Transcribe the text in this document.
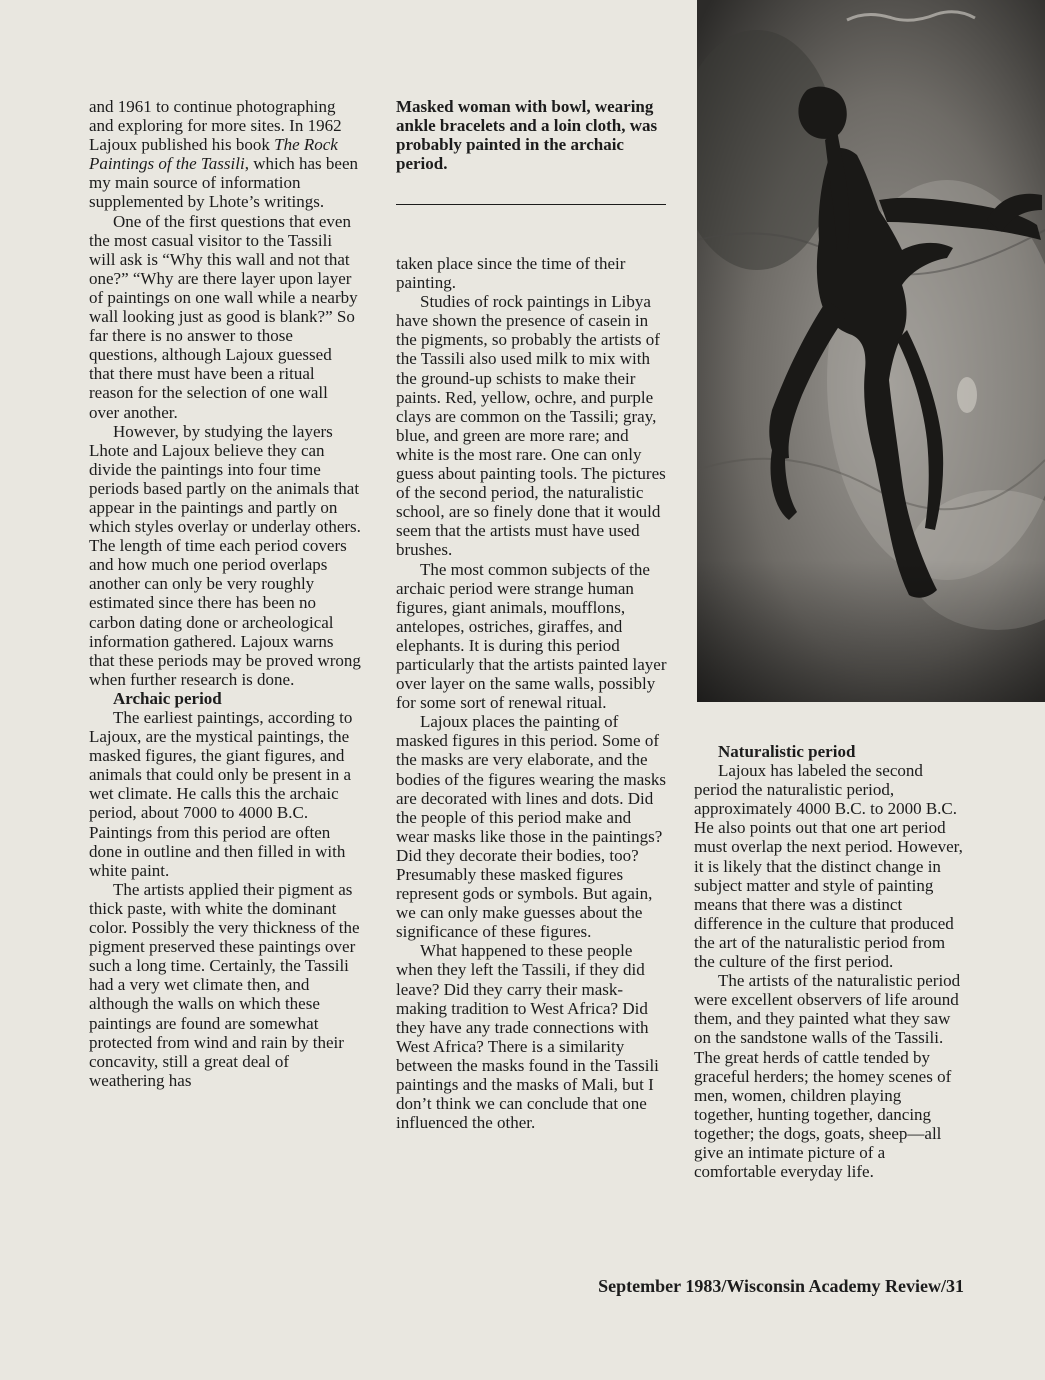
and 1961 to continue photographing and exploring for more sites. In 1962 Lajoux published his book The Rock Paintings of the Tassili, which has been my main source of information supplemented by Lhote’s writings.

One of the first questions that even the most casual visitor to the Tassili will ask is “Why this wall and not that one?” “Why are there layer upon layer of paintings on one wall while a nearby wall looking just as good is blank?” So far there is no answer to those questions, although Lajoux guessed that there must have been a ritual reason for the selection of one wall over another.

However, by studying the layers Lhote and Lajoux believe they can divide the paintings into four time periods based partly on the animals that appear in the paintings and partly on which styles overlay or underlay others. The length of time each period covers and how much one period overlaps another can only be very roughly estimated since there has been no carbon dating done or archeological information gathered. Lajoux warns that these periods may be proved wrong when further research is done.

Archaic period

The earliest paintings, according to Lajoux, are the mystical paintings, the masked figures, the giant figures, and animals that could only be present in a wet climate. He calls this the archaic period, about 7000 to 4000 B.C. Paintings from this period are often done in outline and then filled in with white paint.

The artists applied their pigment as thick paste, with white the dominant color. Possibly the very thickness of the pigment preserved these paintings over such a long time. Certainly, the Tassili had a very wet climate then, and although the walls on which these paintings are found are somewhat protected from wind and rain by their concavity, still a great deal of weathering has

Masked woman with bowl, wearing ankle bracelets and a loin cloth, was probably painted in the archaic period.

taken place since the time of their painting.

Studies of rock paintings in Libya have shown the presence of casein in the pigments, so probably the artists of the Tassili also used milk to mix with the ground-up schists to make their paints. Red, yellow, ochre, and purple clays are common on the Tassili; gray, blue, and green are more rare; and white is the most rare. One can only guess about painting tools. The pictures of the second period, the naturalistic school, are so finely done that it would seem that the artists must have used brushes.

The most common subjects of the archaic period were strange human figures, giant animals, moufflons, antelopes, ostriches, giraffes, and elephants. It is during this period particularly that the artists painted layer over layer on the same walls, possibly for some sort of renewal ritual.

Lajoux places the painting of masked figures in this period. Some of the masks are very elaborate, and the bodies of the figures wearing the masks are decorated with lines and dots. Did the people of this period make and wear masks like those in the paintings? Did they decorate their bodies, too? Presumably these masked figures represent gods or symbols. But again, we can only make guesses about the significance of these figures.

What happened to these people when they left the Tassili, if they did leave? Did they carry their mask-making tradition to West Africa? Did they have any trade connections with West Africa? There is a similarity between the masks found in the Tassili paintings and the masks of Mali, but I don’t think we can conclude that one influenced the other.

Naturalistic period

Lajoux has labeled the second period the naturalistic period, approximately 4000 B.C. to 2000 B.C. He also points out that one art period must overlap the next period. However, it is likely that the distinct change in subject matter and style of painting means that there was a distinct difference in the culture that produced the art of the naturalistic period from the culture of the first period.

The artists of the naturalistic period were excellent observers of life around them, and they painted what they saw on the sandstone walls of the Tassili. The great herds of cattle tended by graceful herders; the homey scenes of men, women, children playing together, hunting together, dancing together; the dogs, goats, sheep—all give an intimate picture of a comfortable everyday life.

September 1983/Wisconsin Academy Review/31
